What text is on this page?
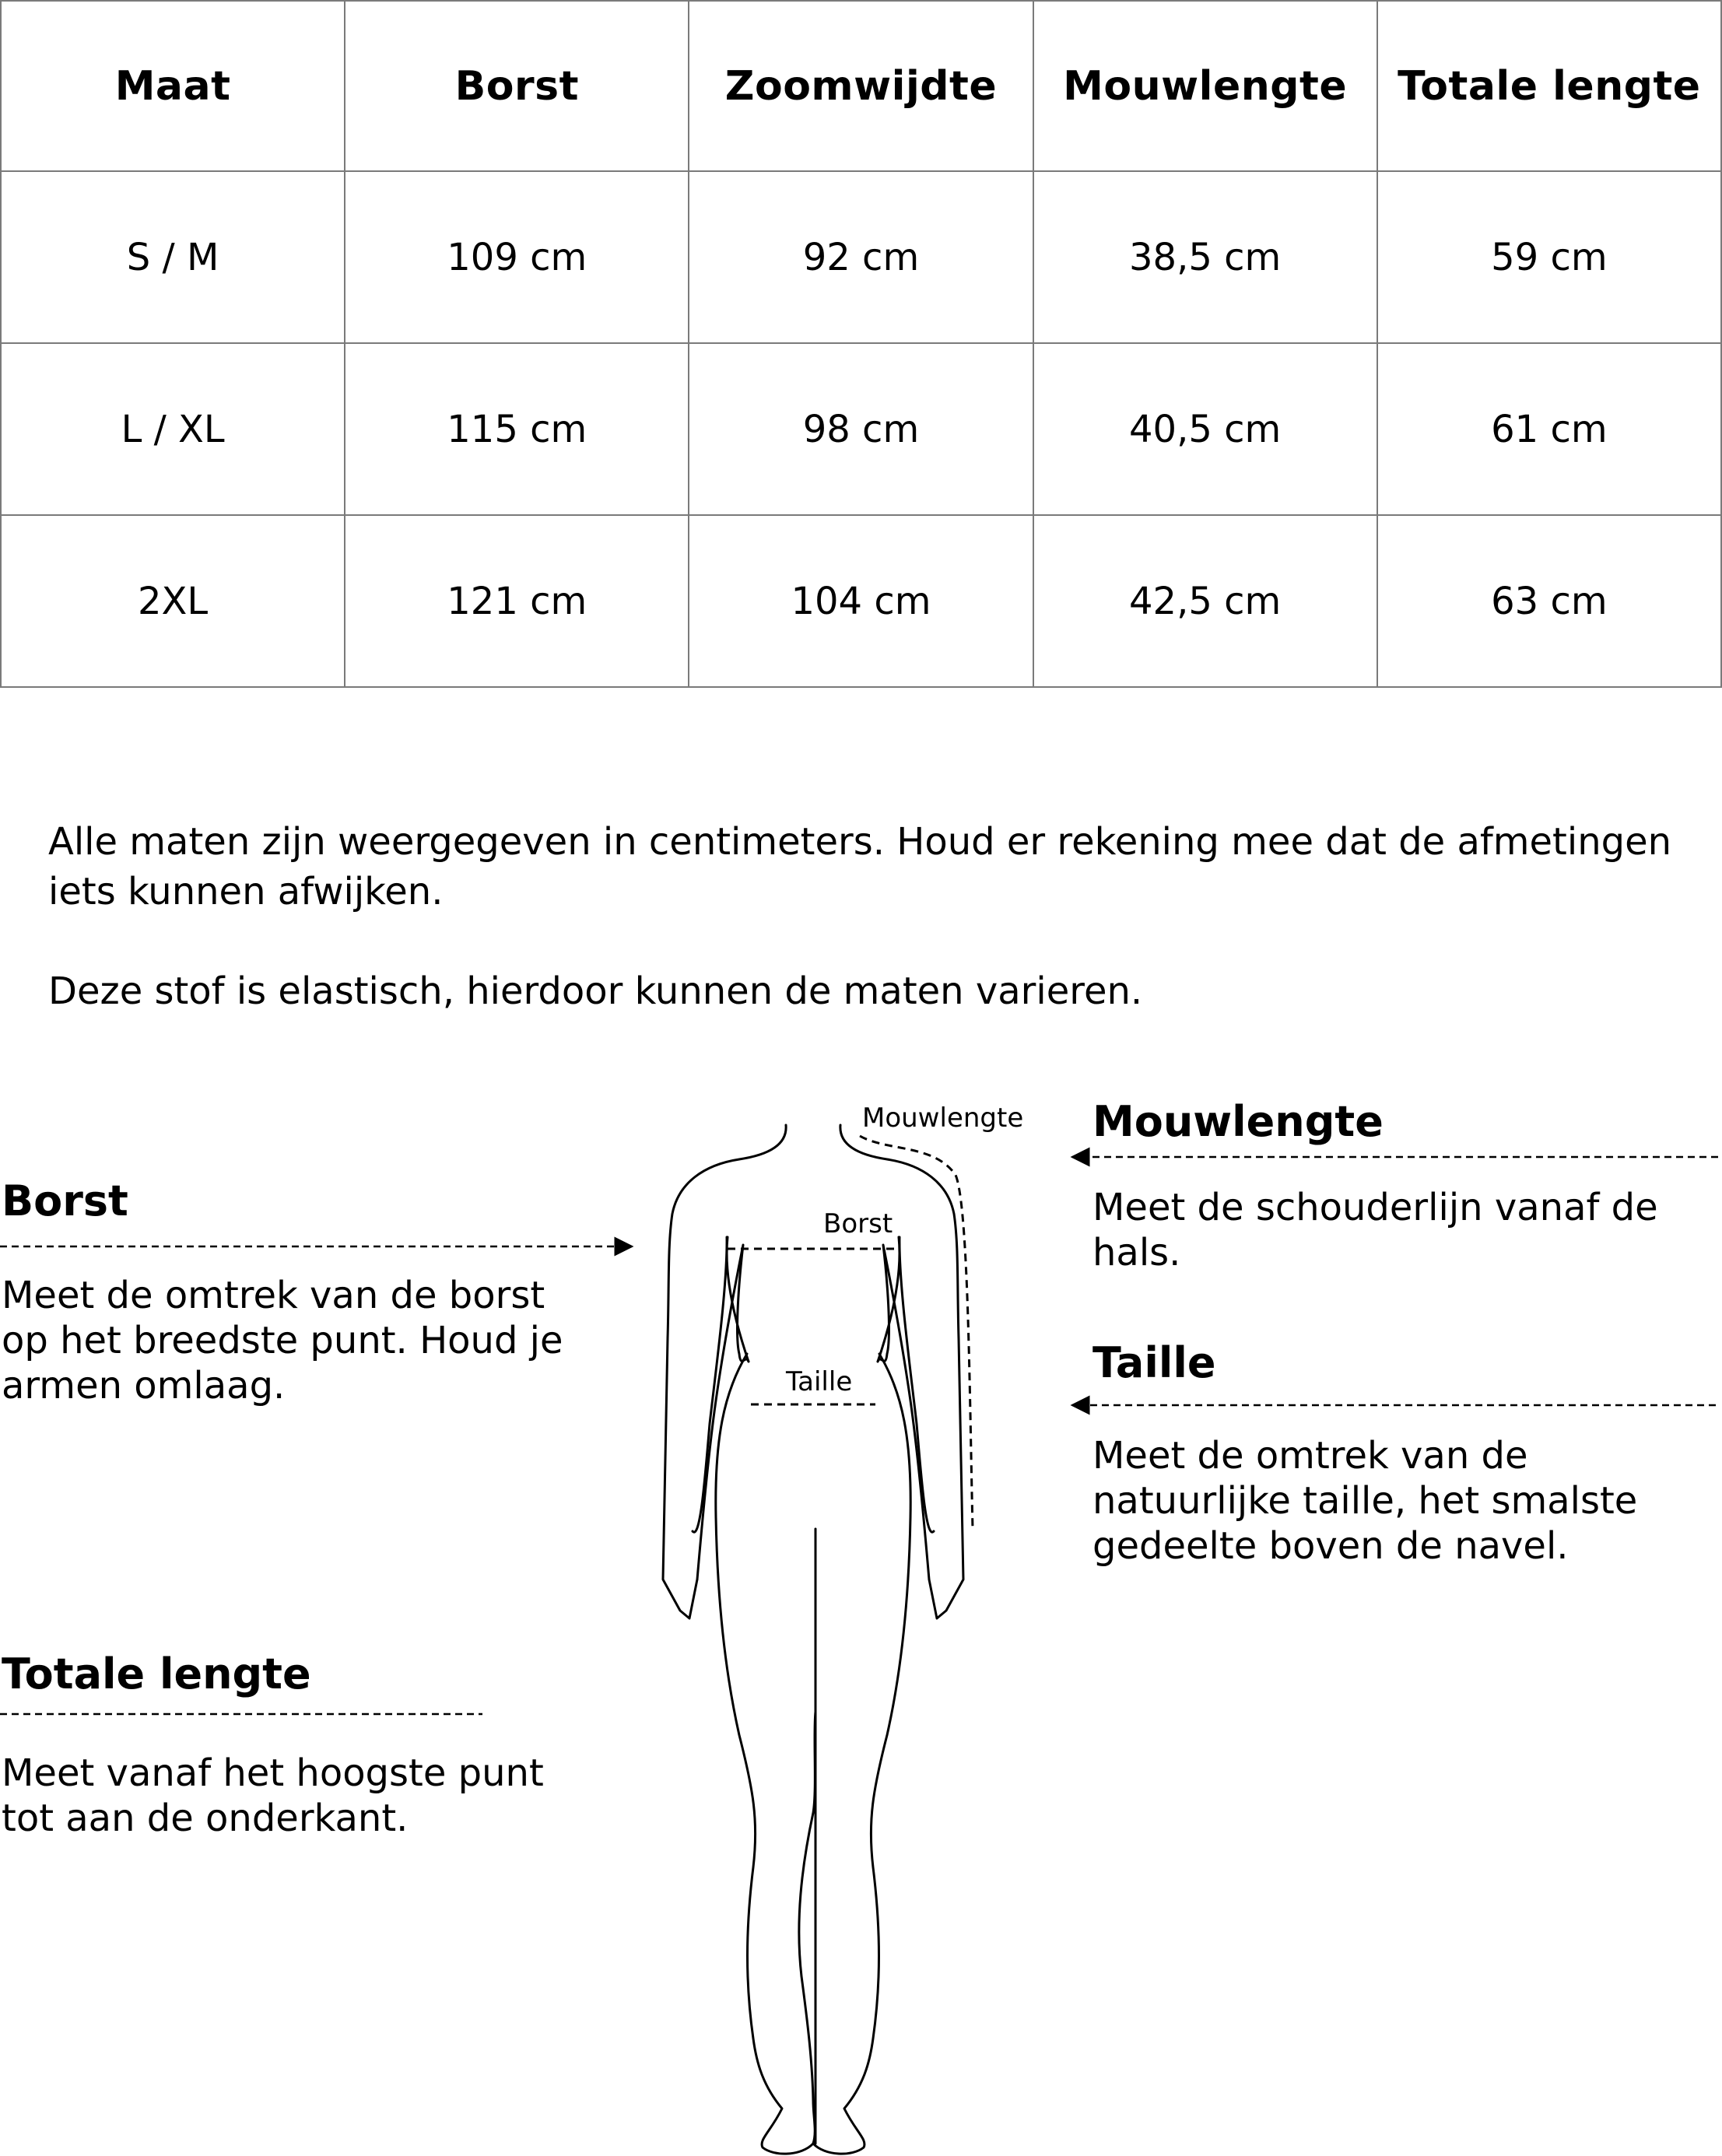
Maat	Borst	Zoomwijdte	Mouwlengte	Totale lengte
S / M	109 cm	92 cm	38,5 cm	59 cm
L / XL	115 cm	98 cm	40,5 cm	61 cm
2XL	121 cm	104 cm	42,5 cm	63 cm

Alle maten zijn weergegeven in centimeters. Houd er rekening mee dat de afmetingen iets kunnen afwijken.

Deze stof is elastisch, hierdoor kunnen de maten varieren.

Mouwlengte
Borst
Taille

Borst

Meet de omtrek van de borst op het breedste punt. Houd je armen omlaag.

Mouwlengte

Meet de schouderlijn vanaf de hals.

Taille

Meet de omtrek van de natuurlijke taille, het smalste gedeelte boven de navel.

Totale lengte

Meet vanaf het hoogste punt tot aan de onderkant.
